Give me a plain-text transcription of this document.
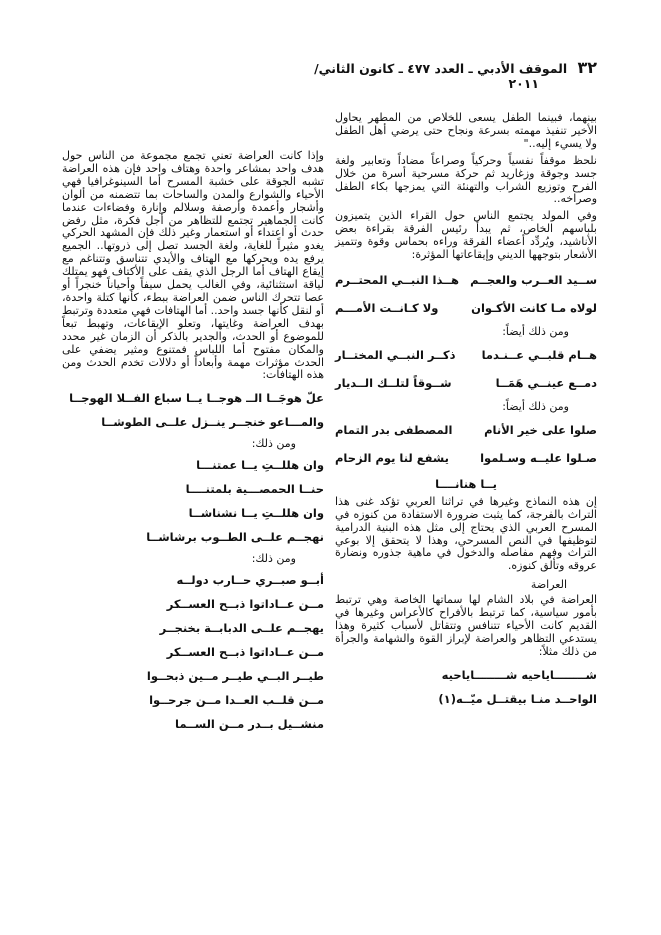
٣٢ الموقف الأدبي ـ العدد ٤٧٧ ـ كانون الثاني/
٢٠١١

بينهما، فبينما الطفل يسعى للخلاص من المطهر يحاول الأخير تنفيذ مهمته بسرعة ونجاح حتى يرضي أهل الطفل ولا يسيء إليه.."

نلحظ موقفاً نفسياً وحركياً وصراعاً مضاداً وتعابير ولغة جسد وجوقة وزغاريد ثم حركة مسرحية أسرة من خلال الفرح وتوزيع الشراب والتهنئة التي يمزجها بكاء الطفل وصراخه..

وفي المولد يجتمع الناس حول القراء الذين يتميزون بلباسهم الخاص، ثم يبدأ رئيس الفرقة بقراءة بعض الأناشيد، ويُردِّد أعضاء الفرقة وراءه بحماس وقوة وتتميز الأشعار بتوجهها الديني وإيقاعاتها المؤثرة:

ســيد العــرب والعجــم
هــذا النبــي المحتــرم
لولاه مـا كانت الأكـوان
ولا كـانــت الأمـــم

ومن ذلك أيضاً:

هــام قلبــي عــنـدما
ذكــر النبــي المختــار
دمــع عينــي هَمَــا
شــوقاً لتلــك الــديار

ومن ذلك أيضاً:

صلوا على خير الأنام
المصطفى بدر التمام
صـلوا عليــه وسـلموا
يشفع لنا يوم الزحام

يــا هنانــــا

إن هذه النماذج وغيرها في تراثنا العربي تؤكد غنى هذا التراث بالفرجة، كما يثبت ضرورة الاستفادة من كنوزه في المسرح العربي الذي يحتاج إلى مثل هذه البنية الدرامية لتوظيفها في النص المسرحي، وهذا لا يتحقق إلا بوعي التراث وفهم مفاصله والدخول في ماهية جذوره ونضارة عروقه وتألق كنوزه.

العراضة

العراضة في بلاد الشام لها سماتها الخاصة وهي ترتبط بأمور سياسية، كما ترتبط بالأفراح كالأعراس وغيرها في القديم كانت الأحياء تتنافس وتتقاتل لأسباب كثيرة وهذا يستدعي التظاهر والعراضة لإبراز القوة والشهامة والجرأة من ذلك مثلاً:

شــــــــاياحيه شــــــــاياحيه

الواحــد منـا بيقتــل ميّــه(١)

وإذا كانت العراضة تعني تجمع مجموعة من الناس حول هدف واحد بمشاعر واحدة وهتاف واحد فإن هذه العراضة تشبه الجوقة على خشبة المسرح أما السينوغرافيا فهي الأحياء والشوارع والمدن والساحات بما تتضمنه من ألوان وأشجار وأعمدة وأرصفة وسلالم وإنارة وفضاءات عندما كانت الجماهير تجتمع للتظاهر من أجل فكرة، مثل رفض حدث أو اعتداء أو استعمار وغير ذلك فإن المشهد الحركي يغدو مثيراً للغاية، ولغة الجسد تصل إلى ذروتها.. الجميع يرفع يده ويحركها مع الهتاف والأيدي تتناسق وتتناغم مع إيقاع الهتاف أما الرجل الذي يقف على الأكتاف فهو يمتلك لياقة استثنائية، وفي الغالب يحمل سيفاً وأحياناً خنجراً أو عصا تتحرك الناس ضمن العراضة ببطء، كأنها كتلة واحدة، أو لنقل كأنها جسد واحد.. أما الهتافات فهي متعددة وترتبط بهدف العراضة وغايتها، وتعلو الإيقاعات، وتهبط تبعاً للموضوع أو الحدث، والجدير بالذكر أن الزمان غير محدد والمكان مفتوح أما اللباس فمتنوع ومثير يضفي على الحدث مؤثرات مهمة وأبعاداً أو دلالات تخدم الحدث ومن هذه الهتافات:

علّ هوجَــا الــ هوجــا يــا سباع الفــلا الهوجــا

والمـــاعو خنجــر ينــزل علــى الطوشــا

ومن ذلك:

وان هللــتِ يــا عمتنـــا

حنــا الحمصـــية بلمتنــــا

وان هللــتِ يــا نشناشــا

نهجــم علــى الطــوب برشاشــا

ومن ذلك:

أبــو صبــري حــارب دولــه

مــن عــاداتوا ذبــح العســكر

يهجــم علــى الدبابــة بخنجــر

مــن عــاداتوا ذبــح العســكر

طيــر البــي طيــر مــين ذبحــوا

مــن قلــب العــدا مــن جرحــوا

منشــيل بــدر مــن الســما
